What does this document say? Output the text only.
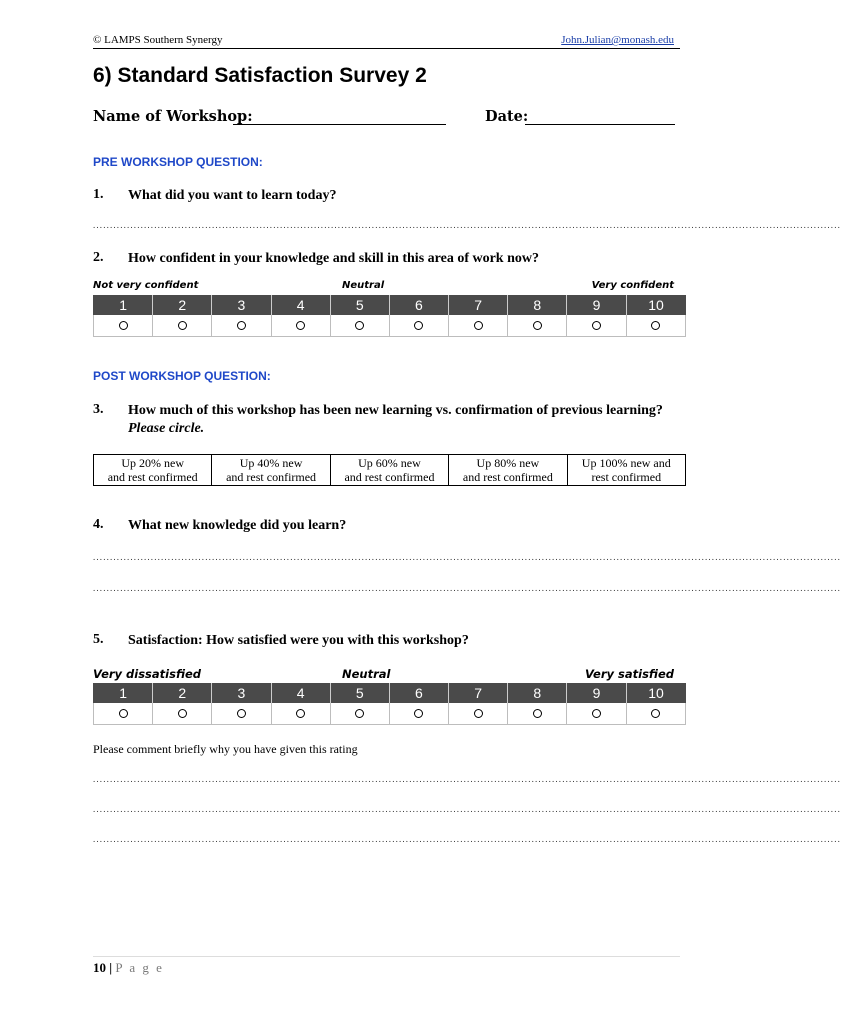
© LAMPS Southern Synergy	John.Julian@monash.edu
6) Standard Satisfaction Survey 2
Name of Workshop:	Date:
PRE WORKSHOP QUESTION:
1. What did you want to learn today?
............................................................................................................................................................................................................................
2. How confident in your knowledge and skill in this area of work now?
Not very confident	Neutral	Very confident
1	2	3	4	5	6	7	8	9	10

POST WORKSHOP QUESTION:
3. How much of this workshop has been new learning vs. confirmation of previous learning?  Please circle.
Up 20% new
and rest confirmed	Up 40% new
and rest confirmed	Up 60% new
and rest confirmed	Up 80% new
and rest confirmed	Up 100% new and
rest confirmed
4. What new knowledge did you learn?
............................................................................................................................................................................................................................
............................................................................................................................................................................................................................
5. Satisfaction: How satisfied were you with this workshop?
Very dissatisfied	Neutral	Very satisfied
1	2	3	4	5	6	7	8	9	10

Please comment briefly why you have given this rating
............................................................................................................................................................................................................................
............................................................................................................................................................................................................................
............................................................................................................................................................................................................................
10 | P a g e
